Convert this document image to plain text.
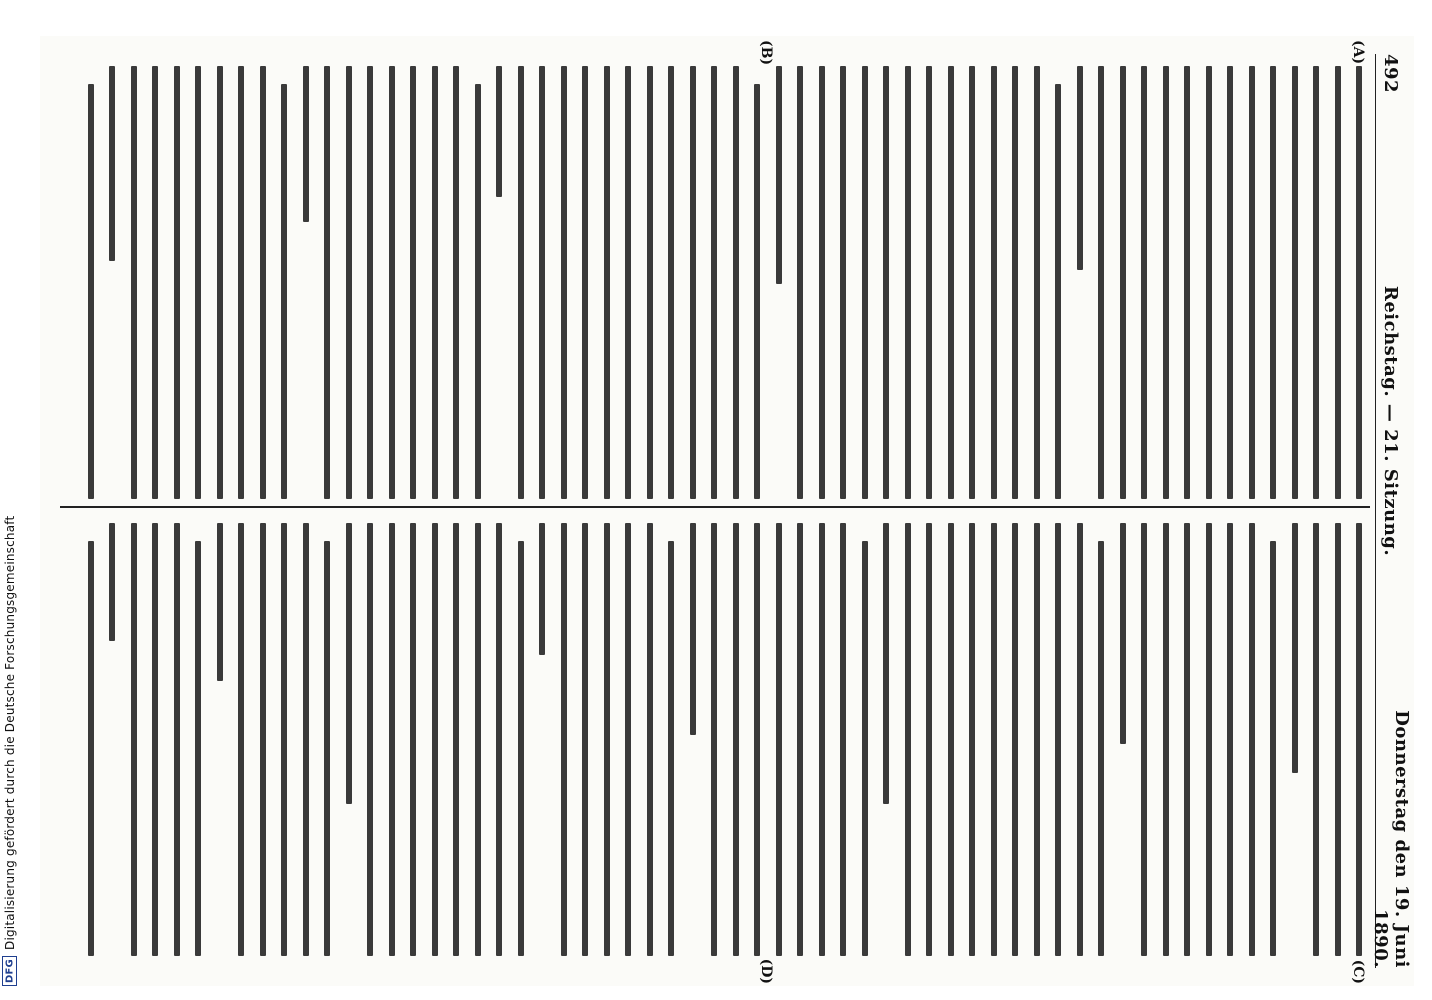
DFG
Digitalisierung gefördert durch die Deutsche Forschungsgemeinschaft
492
Reichstag. — 21. Sitzung.
Donnerstag den 19. Juni 1890.
(A)
(B)
(C)
(D)
